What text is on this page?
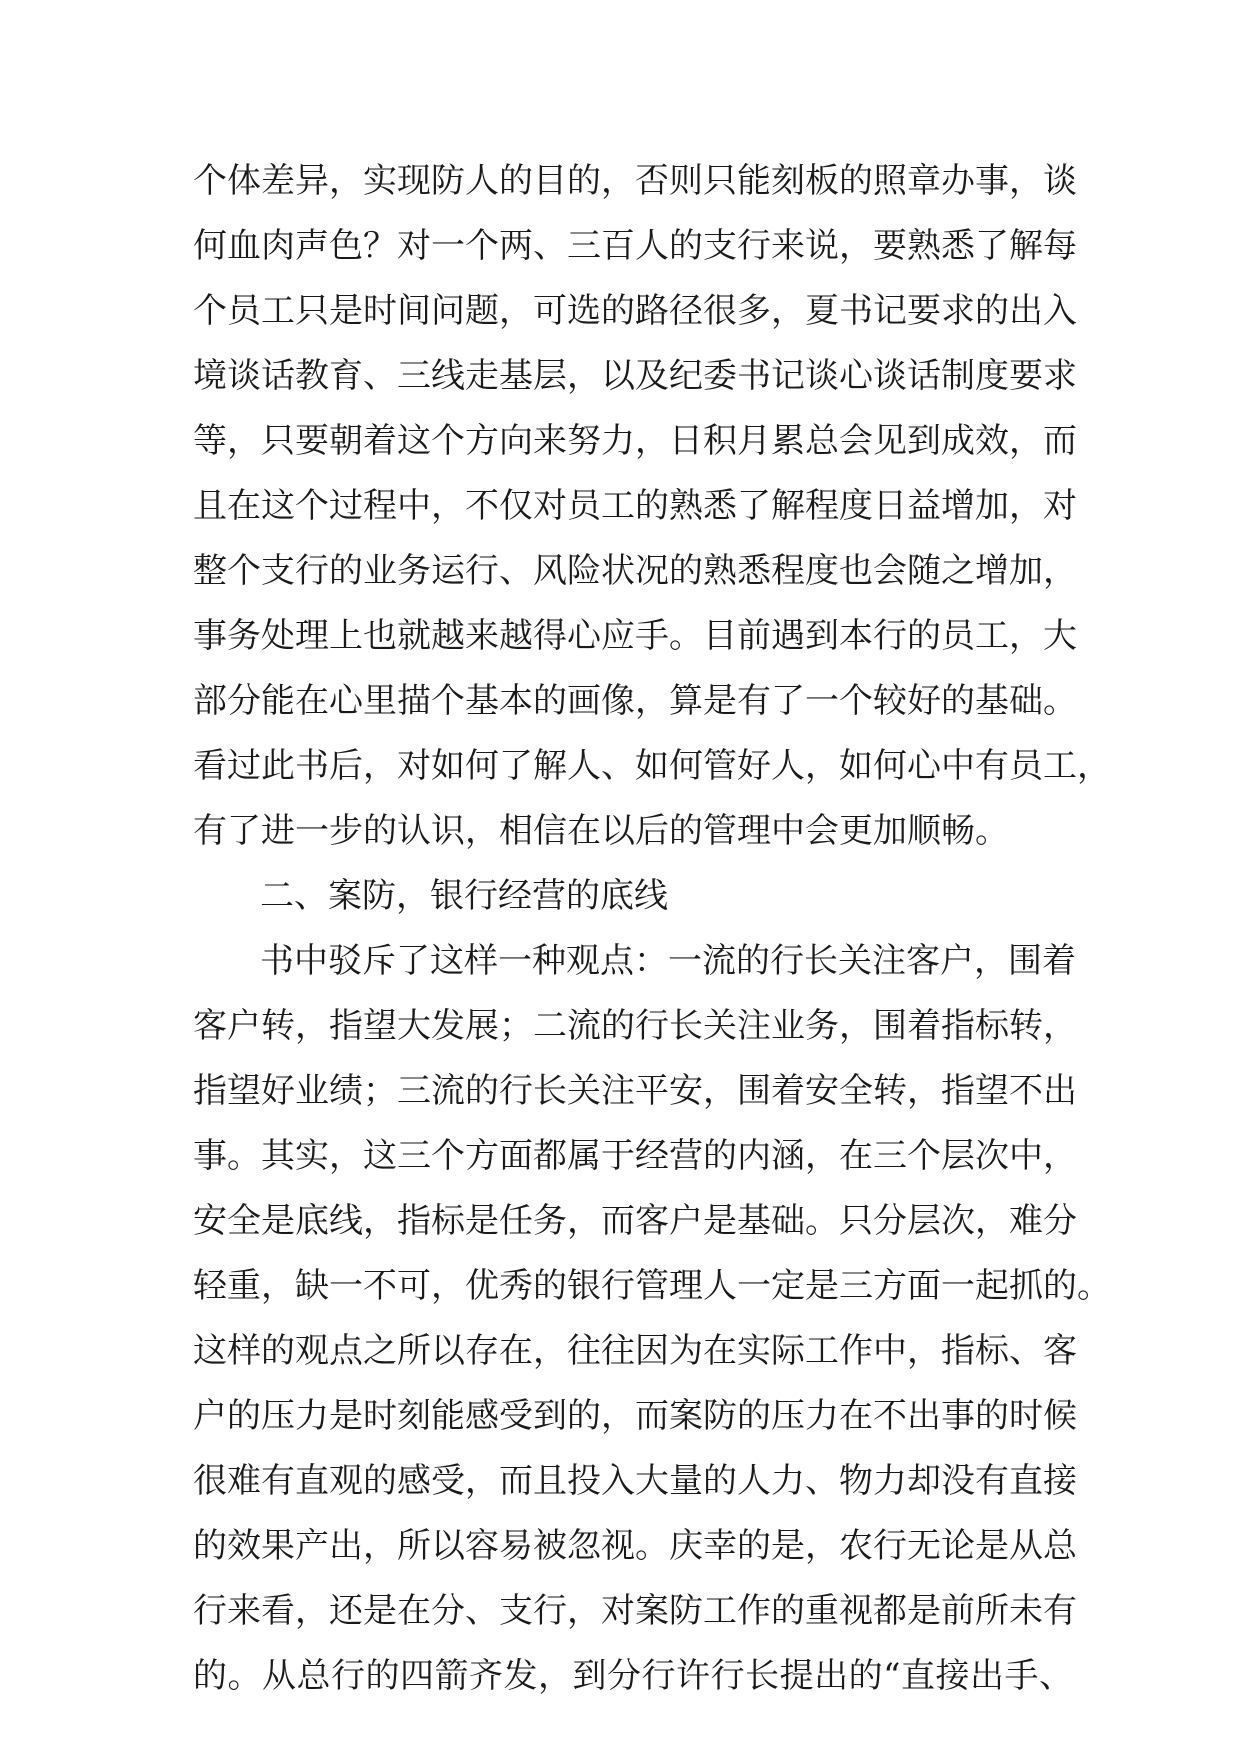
个体差异，实现防人的目的，否则只能刻板的照章办事，谈
何血肉声色？对一个两、三百人的支行来说，要熟悉了解每
个员工只是时间问题，可选的路径很多，夏书记要求的出入
境谈话教育、三线走基层，以及纪委书记谈心谈话制度要求
等，只要朝着这个方向来努力，日积月累总会见到成效，而
且在这个过程中，不仅对员工的熟悉了解程度日益增加，对
整个支行的业务运行、风险状况的熟悉程度也会随之增加，
事务处理上也就越来越得心应手。目前遇到本行的员工，大
部分能在心里描个基本的画像，算是有了一个较好的基础。
看过此书后，对如何了解人、如何管好人，如何心中有员工，
有了进一步的认识，相信在以后的管理中会更加顺畅。
二、案防，银行经营的底线
书中驳斥了这样一种观点：一流的行长关注客户，围着
客户转，指望大发展；二流的行长关注业务，围着指标转，
指望好业绩；三流的行长关注平安，围着安全转，指望不出
事。其实，这三个方面都属于经营的内涵，在三个层次中，
安全是底线，指标是任务，而客户是基础。只分层次，难分
轻重，缺一不可，优秀的银行管理人一定是三方面一起抓的。
这样的观点之所以存在，往往因为在实际工作中，指标、客
户的压力是时刻能感受到的，而案防的压力在不出事的时候
很难有直观的感受，而且投入大量的人力、物力却没有直接
的效果产出，所以容易被忽视。庆幸的是，农行无论是从总
行来看，还是在分、支行，对案防工作的重视都是前所未有
的。从总行的四箭齐发，到分行许行长提出的“直接出手、
